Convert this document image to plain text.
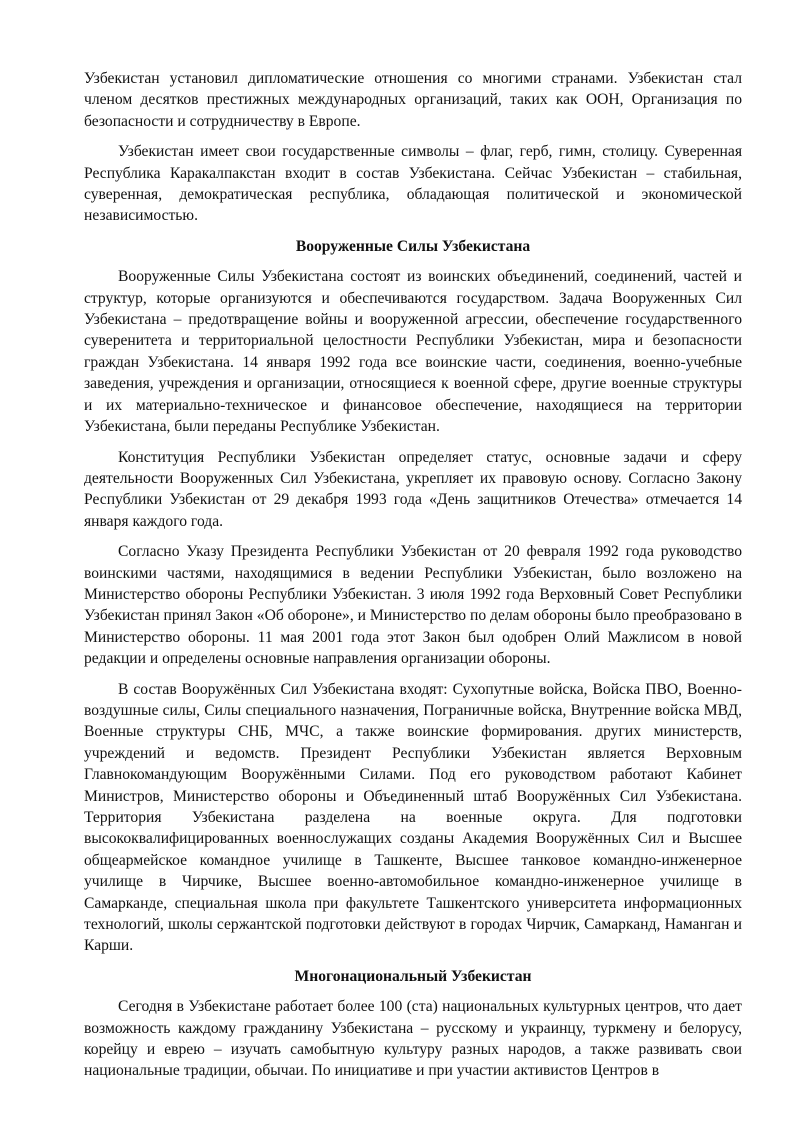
Узбекистан установил дипломатические отношения со многими странами. Узбекистан стал членом десятков престижных международных организаций, таких как ООН, Организация по безопасности и сотрудничеству в Европе.

Узбекистан имеет свои государственные символы – флаг, герб, гимн, столицу. Суверенная Республика Каракалпакстан входит в состав Узбекистана. Сейчас Узбекистан – стабильная, суверенная, демократическая республика, обладающая политической и экономической независимостью.

Вооруженные Силы Узбекистана

Вооруженные Силы Узбекистана состоят из воинских объединений, соединений, частей и структур, которые организуются и обеспечиваются государством. Задача Вооруженных Сил Узбекистана – предотвращение войны и вооруженной агрессии, обеспечение государственного суверенитета и территориальной целостности Республики Узбекистан, мира и безопасности граждан Узбекистана. 14 января 1992 года все воинские части, соединения, военно-учебные заведения, учреждения и организации, относящиеся к военной сфере, другие военные структуры и их материально-техническое и финансовое обеспечение, находящиеся на территории Узбекистана, были переданы Республике Узбекистан.

Конституция Республики Узбекистан определяет статус, основные задачи и сферу деятельности Вооруженных Сил Узбекистана, укрепляет их правовую основу. Согласно Закону Республики Узбекистан от 29 декабря 1993 года «День защитников Отечества» отмечается 14 января каждого года.

Согласно Указу Президента Республики Узбекистан от 20 февраля 1992 года руководство воинскими частями, находящимися в ведении Республики Узбекистан, было возложено на Министерство обороны Республики Узбекистан. 3 июля 1992 года Верховный Совет Республики Узбекистан принял Закон «Об обороне», и Министерство по делам обороны было преобразовано в Министерство обороны. 11 мая 2001 года этот Закон был одобрен Олий Мажлисом в новой редакции и определены основные направления организации обороны.

В состав Вооружённых Сил Узбекистана входят: Сухопутные войска, Войска ПВО, Военно-воздушные силы, Силы специального назначения, Пограничные войска, Внутренние войска МВД, Военные структуры СНБ, МЧС, а также воинские формирования. других министерств, учреждений и ведомств. Президент Республики Узбекистан является Верховным Главнокомандующим Вооружёнными Силами. Под его руководством работают Кабинет Министров, Министерство обороны и Объединенный штаб Вооружённых Сил Узбекистана. Территория Узбекистана разделена на военные округа. Для подготовки высококвалифицированных военнослужащих созданы Академия Вооружённых Сил и Высшее общеармейское командное училище в Ташкенте, Высшее танковое командно-инженерное училище в Чирчике, Высшее военно-автомобильное командно-инженерное училище в Самарканде, специальная школа при факультете Ташкентского университета информационных технологий, школы сержантской подготовки действуют в городах Чирчик, Самарканд, Наманган и Карши.

Многонациональный Узбекистан

Сегодня в Узбекистане работает более 100 (ста) национальных культурных центров, что дает возможность каждому гражданину Узбекистана – русскому и украинцу, туркмену и белорусу, корейцу и еврею – изучать самобытную культуру разных народов, а также развивать свои национальные традиции, обычаи. По инициативе и при участии активистов Центров в
